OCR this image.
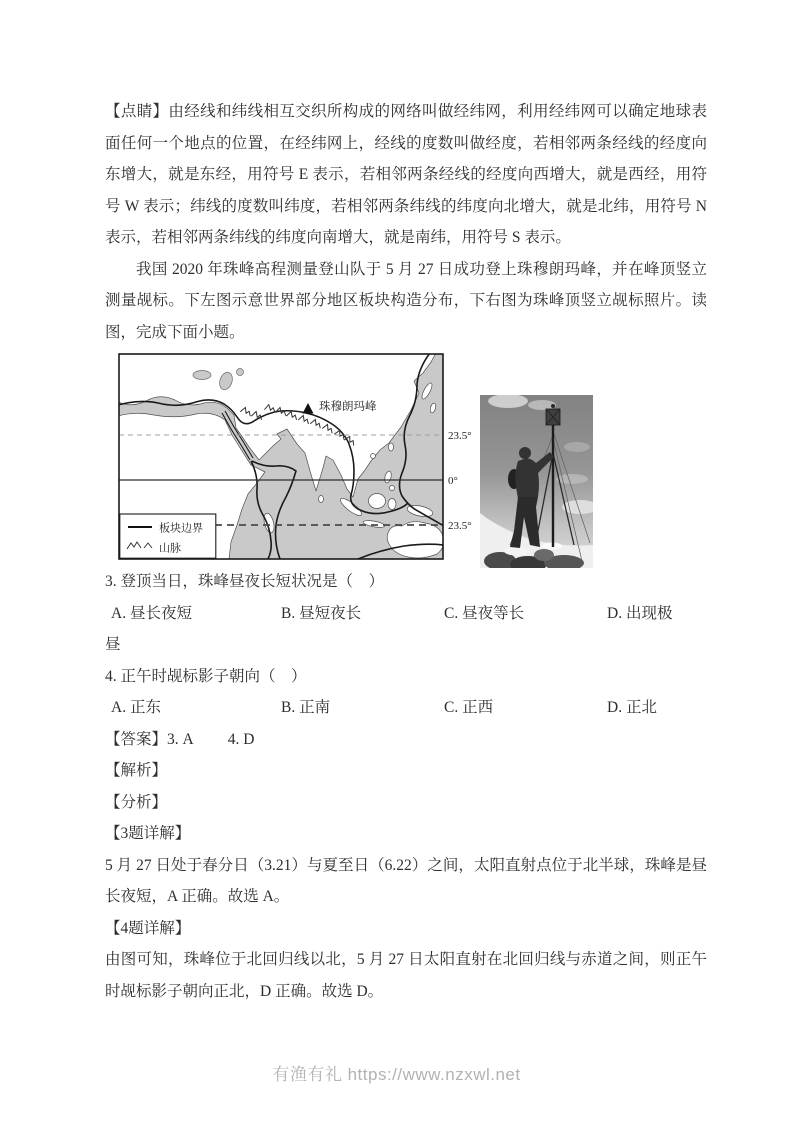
【点睛】由经线和纬线相互交织所构成的网络叫做经纬网，利用经纬网可以确定地球表面任何一个地点的位置，在经纬网上，经线的度数叫做经度，若相邻两条经线的经度向东增大，就是东经，用符号 E 表示，若相邻两条经线的经度向西增大，就是西经，用符号 W 表示；纬线的度数叫纬度，若相邻两条纬线的纬度向北增大，就是北纬，用符号 N 表示，若相邻两条纬线的纬度向南增大，就是南纬，用符号 S 表示。

我国 2020 年珠峰高程测量登山队于 5 月 27 日成功登上珠穆朗玛峰，并在峰顶竖立测量觇标。下左图示意世界部分地区板块构造分布，下右图为珠峰顶竖立觇标照片。读图，完成下面小题。

珠穆朗玛峰
23.5°
0°
23.5°
板块边界
山脉

3. 登顶当日，珠峰昼夜长短状况是（　）

A. 昼长夜短	B. 昼短夜长	C. 昼夜等长	D. 出现极

昼

4. 正午时觇标影子朝向（　）

A. 正东	B. 正南	C. 正西	D. 正北

【答案】3. A 4. D

【解析】

【分析】

【3题详解】

5 月 27 日处于春分日（3.21）与夏至日（6.22）之间，太阳直射点位于北半球，珠峰是昼长夜短，A 正确。故选 A。

【4题详解】

由图可知，珠峰位于北回归线以北，5 月 27 日太阳直射在北回归线与赤道之间，则正午时觇标影子朝向正北，D 正确。故选 D。

有渔有礼 https://www.nzxwl.net
